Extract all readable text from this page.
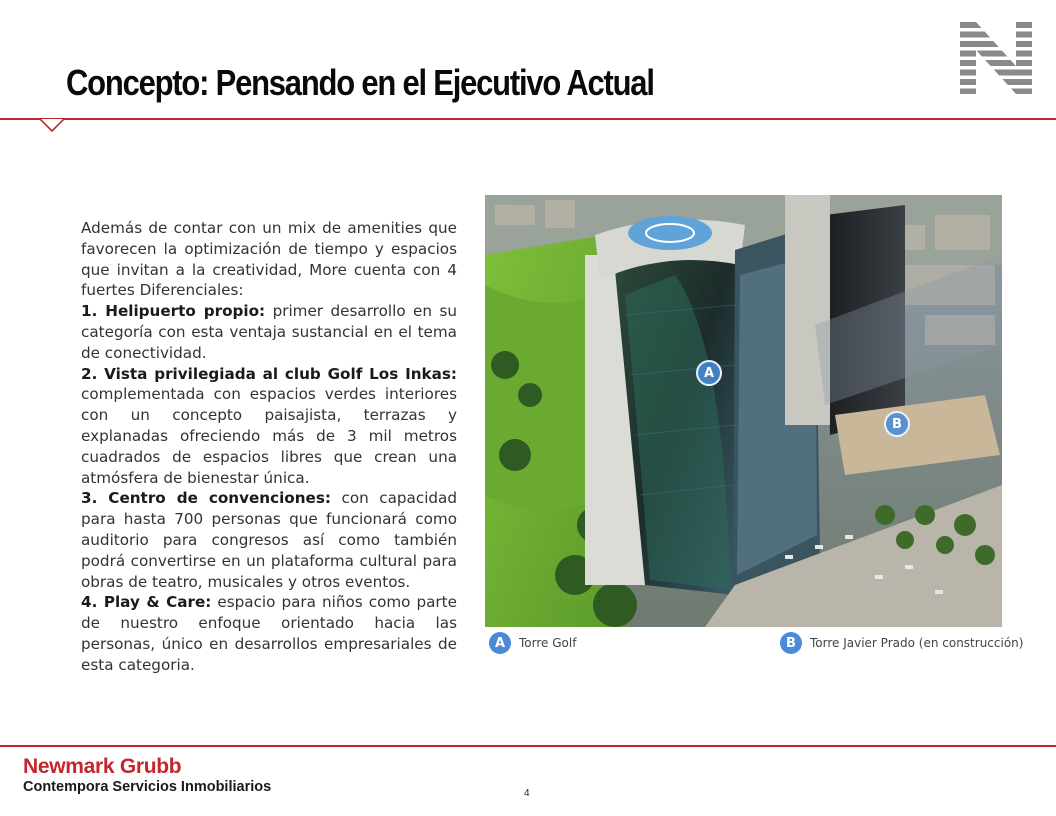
Concepto: Pensando en el Ejecutivo Actual

Además de contar con un mix de amenities que favorecen la optimización de tiempo y espacios que invitan a la creatividad, More cuenta con 4 fuertes Diferenciales:

1. Helipuerto propio: primer desarrollo en su categoría con esta ventaja sustancial en el tema de conectividad.

2. Vista privilegiada al club Golf Los Inkas: complementada con espacios verdes interiores con un concepto paisajista, terrazas y explanadas ofreciendo más de 3 mil metros cuadrados de espacios libres que crean una atmósfera de bienestar única.

3. Centro de convenciones: con capacidad para hasta 700 personas que funcionará como auditorio para congresos así como también podrá convertirse en un plataforma cultural para obras de teatro, musicales y otros eventos.

4. Play & Care: espacio para niños como parte de nuestro enfoque orientado hacia las personas, único en desarrollos empresariales de esta categoria.

A
B
A	Torre Golf	B	Torre Javier Prado (en construcción)
Newmark Grubb
Contempora Servicios Inmobiliarios	4
